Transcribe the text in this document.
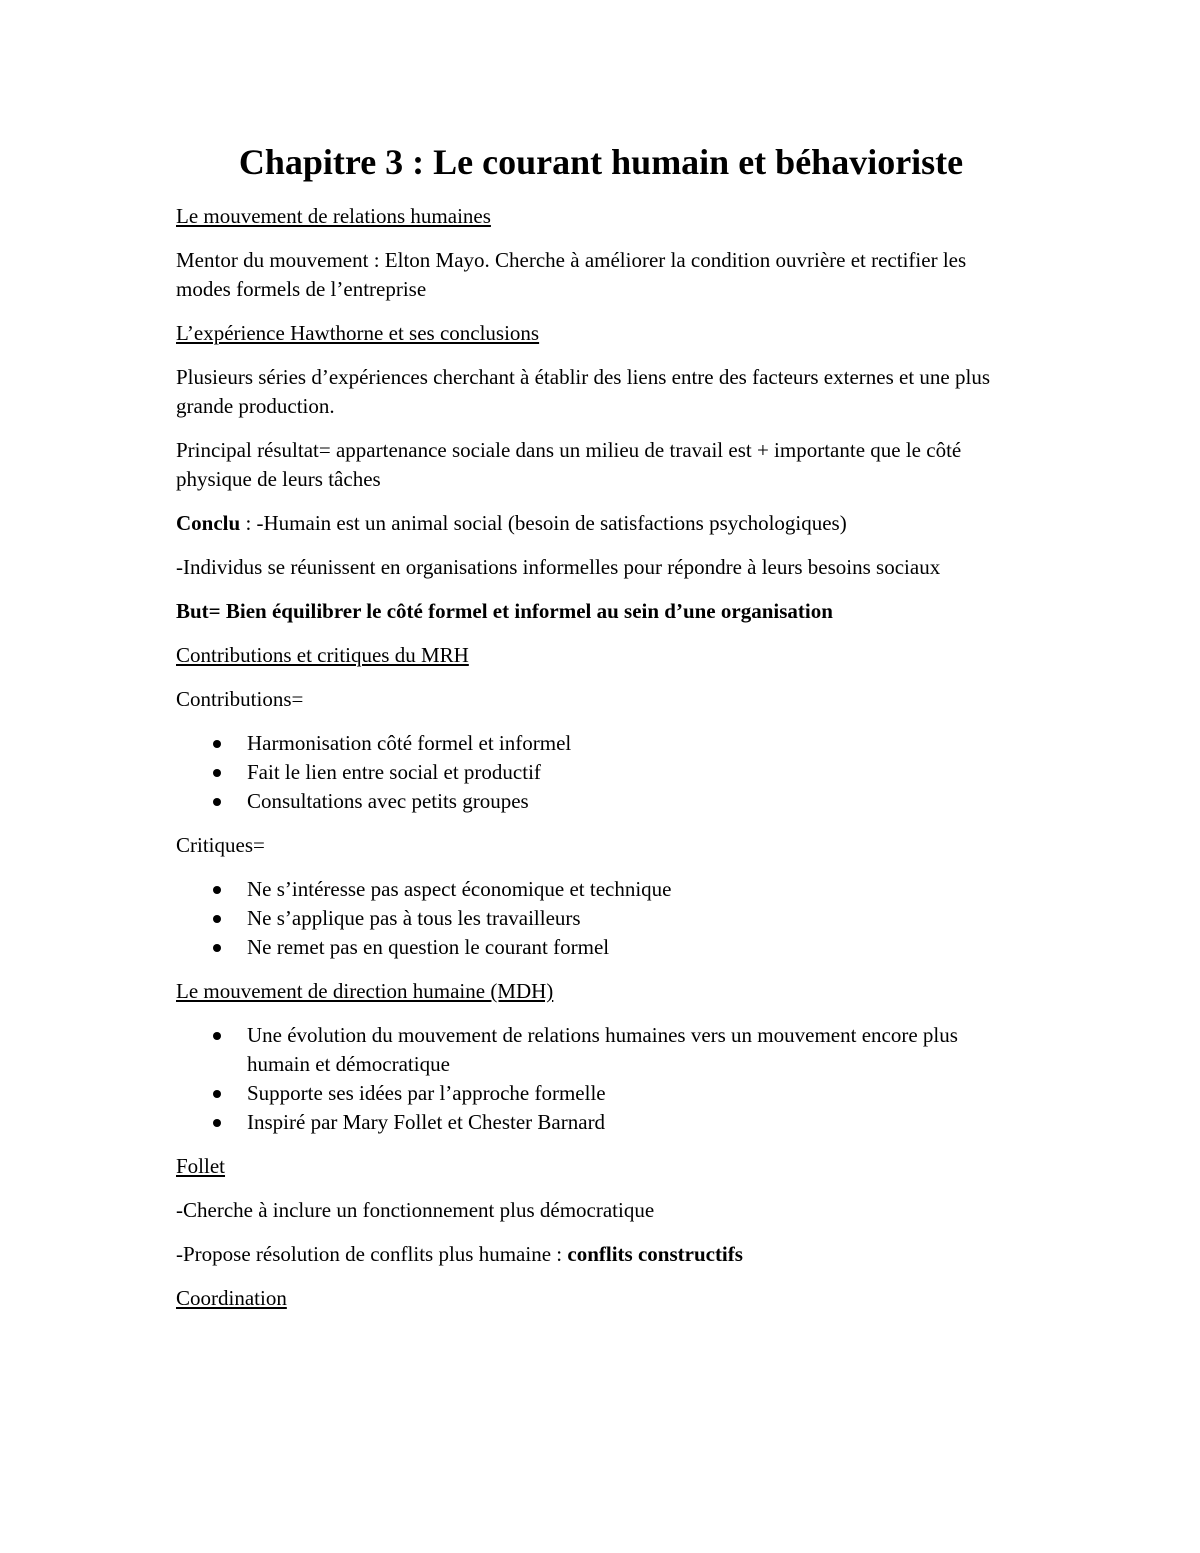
Chapitre 3 : Le courant humain et béhavioriste

Le mouvement de relations humaines

Mentor du mouvement : Elton Mayo. Cherche à améliorer la condition ouvrière et rectifier les modes formels de l’entreprise

L’expérience Hawthorne et ses conclusions

Plusieurs séries d’expériences cherchant à établir des liens entre des facteurs externes et une plus grande production.

Principal résultat= appartenance sociale dans un milieu de travail est + importante que le côté physique de leurs tâches

Conclu : -Humain est un animal social (besoin de satisfactions psychologiques)

-Individus se réunissent en organisations informelles pour répondre à leurs besoins sociaux

But= Bien équilibrer le côté formel et informel au sein d’une organisation

Contributions et critiques du MRH

Contributions=

Harmonisation côté formel et informel
Fait le lien entre social et productif
Consultations avec petits groupes

Critiques=

Ne s’intéresse pas aspect économique et technique
Ne s’applique pas à tous les travailleurs
Ne remet pas en question le courant formel

Le mouvement de direction humaine (MDH)

Une évolution du mouvement de relations humaines vers un mouvement encore plus humain et démocratique
Supporte ses idées par l’approche formelle
Inspiré par Mary Follet et Chester Barnard

Follet

-Cherche à inclure un fonctionnement plus démocratique

-Propose résolution de conflits plus humaine : conflits constructifs

Coordination
